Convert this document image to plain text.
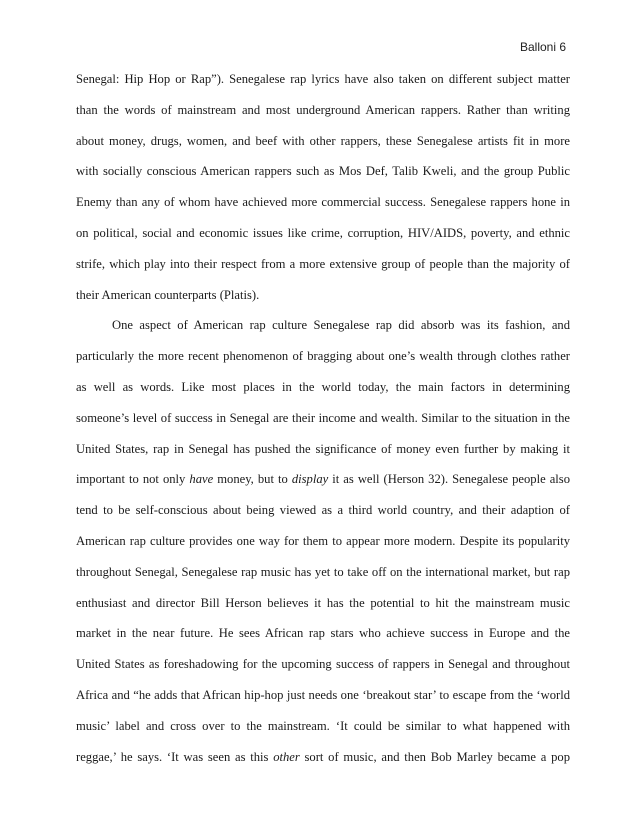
Balloni 6
Senegal: Hip Hop or Rap”). Senegalese rap lyrics have also taken on different subject matter
than the words of mainstream and most underground American rappers. Rather than writing
about money, drugs, women, and beef with other rappers, these Senegalese artists fit in more
with socially conscious American rappers such as Mos Def, Talib Kweli, and the group Public
Enemy than any of whom have achieved more commercial success. Senegalese rappers hone in
on political, social and economic issues like crime, corruption, HIV/AIDS, poverty, and ethnic
strife, which play into their respect from a more extensive group of people than the majority of
their American counterparts (Platis).
One aspect of American rap culture Senegalese rap did absorb was its fashion, and
particularly the more recent phenomenon of bragging about one’s wealth through clothes rather
as well as words. Like most places in the world today, the main factors in determining
someone’s level of success in Senegal are their income and wealth. Similar to the situation in the
United States, rap in Senegal has pushed the significance of money even further by making it
important to not only have money, but to display it as well (Herson 32). Senegalese people also
tend to be self-conscious about being viewed as a third world country, and their adaption of
American rap culture provides one way for them to appear more modern. Despite its popularity
throughout Senegal, Senegalese rap music has yet to take off on the international market, but rap
enthusiast and director Bill Herson believes it has the potential to hit the mainstream music
market in the near future. He sees African rap stars who achieve success in Europe and the
United States as foreshadowing for the upcoming success of rappers in Senegal and throughout
Africa and “he adds that African hip-hop just needs one ‘breakout star’ to escape from the ‘world
music’ label and cross over to the mainstream. ‘It could be similar to what happened with
reggae,’ he says. ‘It was seen as this other sort of music, and then Bob Marley became a pop
